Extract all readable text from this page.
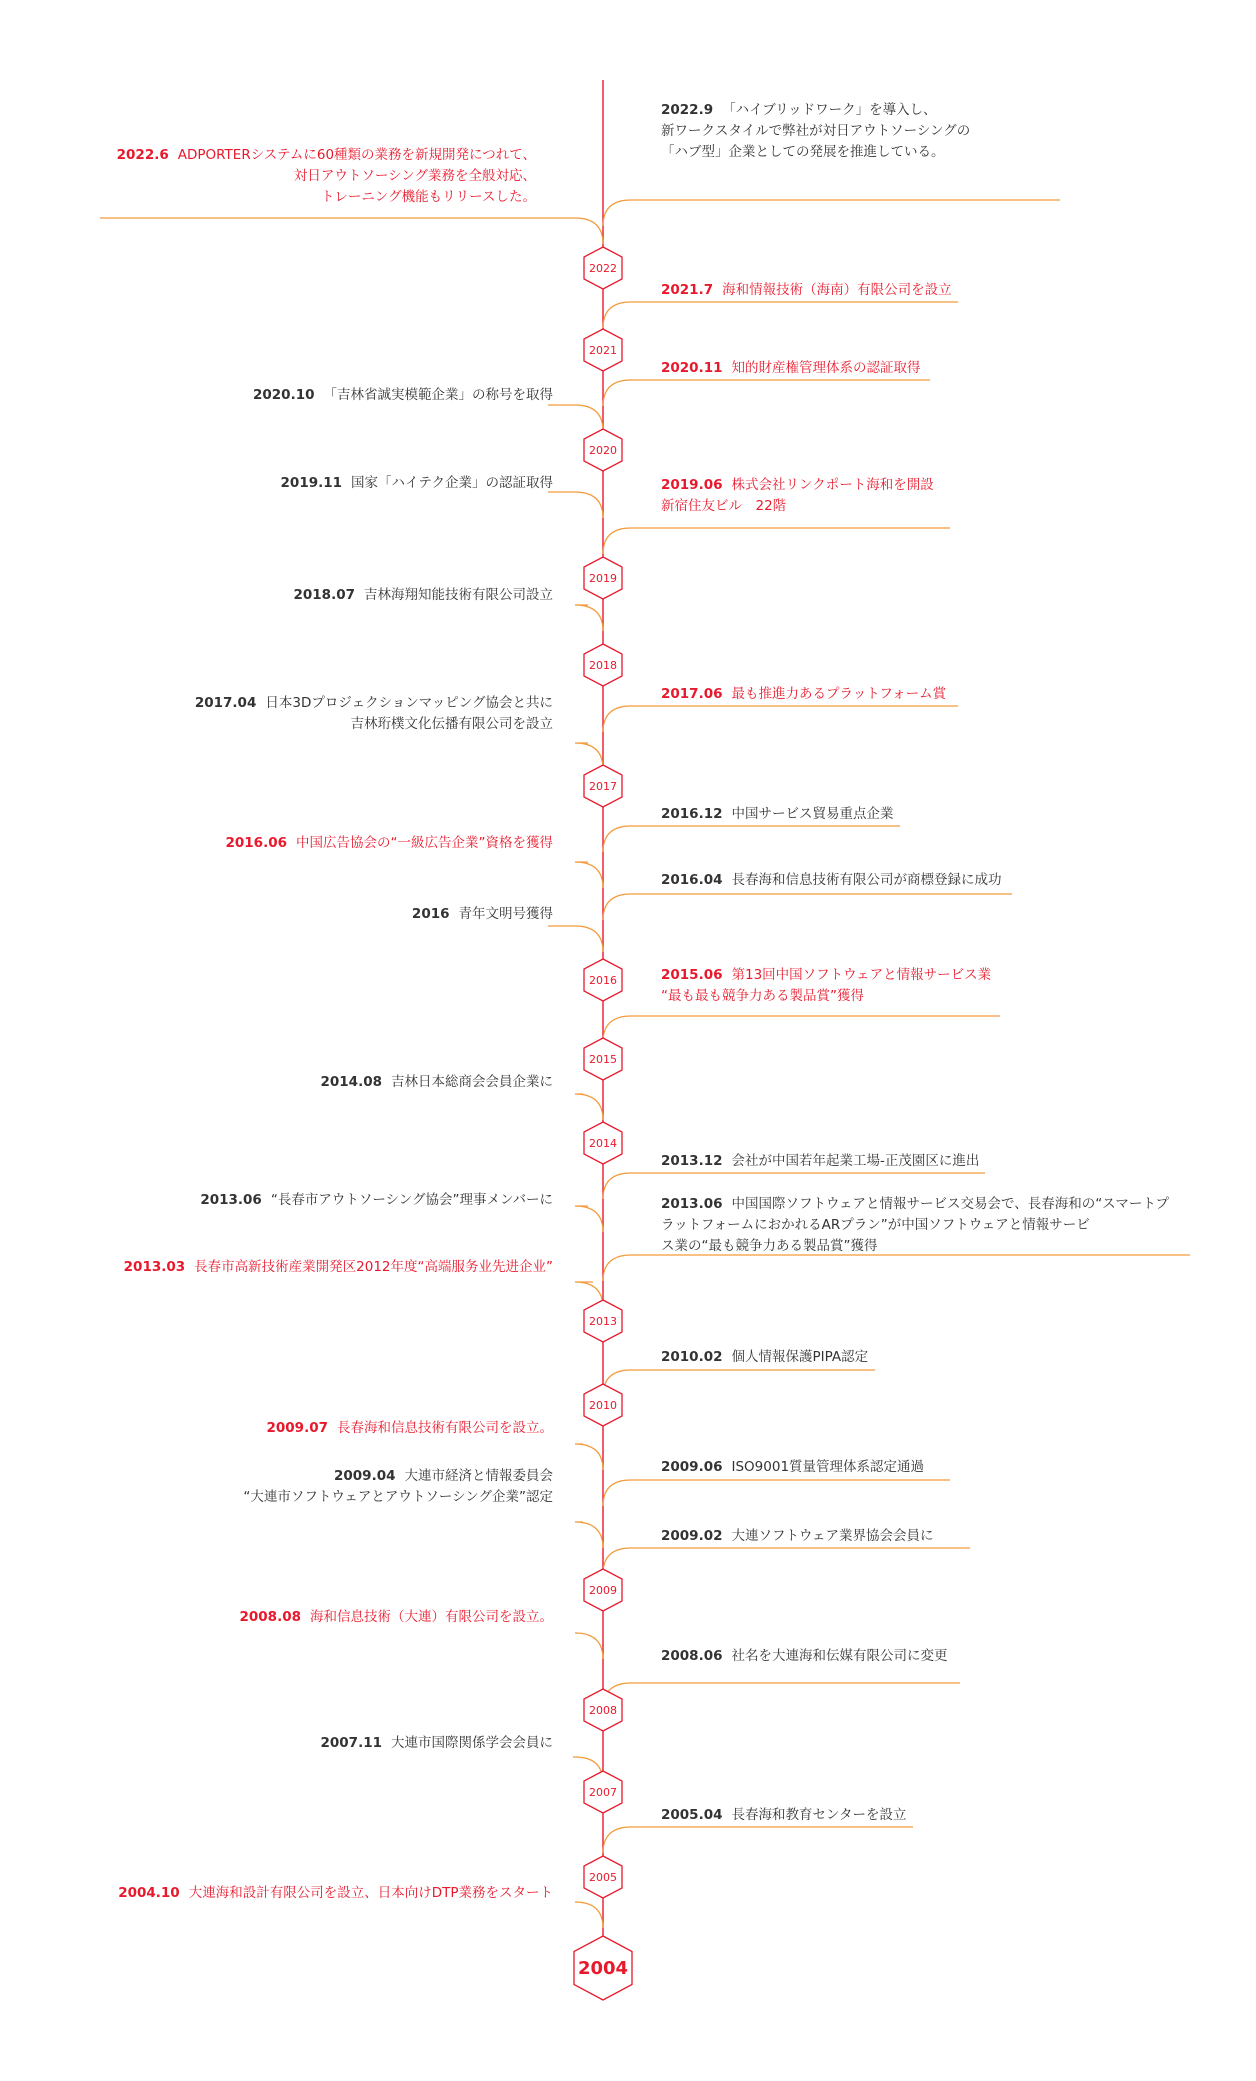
2022.6 ADPORTERシステムに60種類の業務を新規開発につれて、
対日アウトソーシング業務を全般対応、
トレーニング機能もリリースした。
2022.9 「ハイブリッドワーク」を導入し、
新ワークスタイルで弊社が対日アウトソーシングの
「ハブ型」企業としての発展を推進している。
2021.7 海和情報技術（海南）有限公司を設立
2020.11 知的財産権管理体系の認証取得
2020.10 「吉林省誠実模範企業」の称号を取得
2019.11 国家「ハイテク企業」の認証取得	2019.06 株式会社リンクポート海和を開設
新宿住友ビル　22階
2018.07 吉林海翔知能技術有限公司設立
2017.04 日本3Dプロジェクションマッピング協会と共に
吉林珩樸文化伝播有限公司を設立
2017.06 最も推進力あるプラットフォーム賞
2016.12 中国サービス貿易重点企業
2016.06 中国広告協会の“一級広告企業”資格を獲得
2016.04 長春海和信息技術有限公司が商標登録に成功
2016 青年文明号獲得
2015.06 第13回中国ソフトウェアと情報サービス業
“最も最も競争力ある製品賞”獲得
2014.08 吉林日本総商会会員企業に
2013.12 会社が中国若年起業工場-正茂園区に進出
2013.06 “長春市アウトソーシング協会”理事メンバーに	2013.06 中国国際ソフトウェアと情報サービス交易会で、長春海和の“スマートプ
ラットフォームにおかれるARプラン”が中国ソフトウェアと情報サービ
ス業の“最も競争力ある製品賞”獲得
2013.03 長春市高新技術産業開発区2012年度“高端服务业先进企业”
2010.02 個人情報保護PIPA認定
2009.07 長春海和信息技術有限公司を設立。
2009.04 大連市経済と情報委員会
“大連市ソフトウェアとアウトソーシング企業”認定
2009.06 ISO9001質量管理体系認定通過
2009.02 大連ソフトウェア業界協会会員に
2008.08 海和信息技術（大連）有限公司を設立。
2008.06 社名を大連海和伝媒有限公司に変更
2007.11 大連市国際関係学会会員に
2005.04 長春海和教育センターを設立
2004.10 大連海和設計有限公司を設立、日本向けDTP業務をスタート
2022
2021
2020
2019
2018
2017
2016
2015
2014
2013
2010
2009
2008
2007
2005
2004
